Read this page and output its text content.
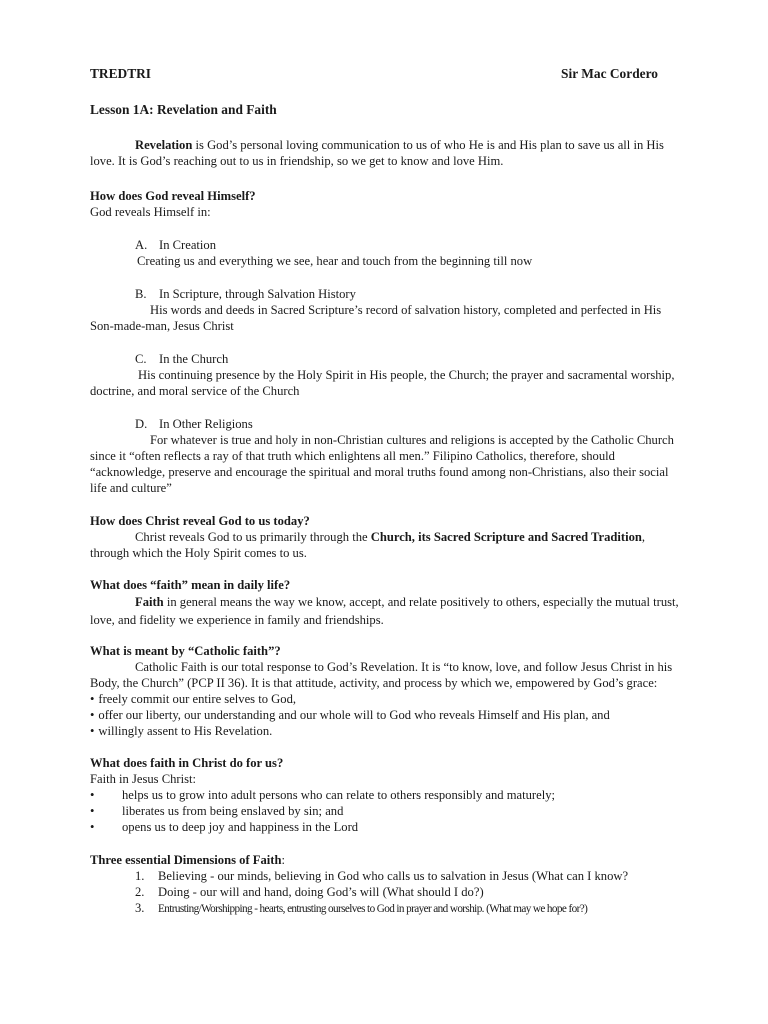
TREDTRI	Sir Mac Cordero
Lesson 1A: Revelation and Faith

Revelation is God’s personal loving communication to us of who He is and His plan to save us all in His love. It is God’s reaching out to us in friendship, so we get to know and love Him.

How does God reveal Himself?
God reveals Himself in:
A. In Creation
Creating us and everything we see, hear and touch from the beginning till now
B. In Scripture, through Salvation History
His words and deeds in Sacred Scripture’s record of salvation history, completed and perfected in His Son-made-man, Jesus Christ
C. In the Church
His continuing presence by the Holy Spirit in His people, the Church; the prayer and sacramental worship, doctrine, and moral service of the Church
D. In Other Religions
For whatever is true and holy in non-Christian cultures and religions is accepted by the Catholic Church since it “often reflects a ray of that truth which enlightens all men.” Filipino Catholics, therefore, should “acknowledge, preserve and encourage the spiritual and moral truths found among non-Christians, also their social life and culture”
How does Christ reveal God to us today?

Christ reveals God to us primarily through the Church, its Sacred Scripture and Sacred Tradition, through which the Holy Spirit comes to us.

What does “faith” mean in daily life?

Faith in general means the way we know, accept, and relate positively to others, especially the mutual trust, love, and fidelity we experience in family and friendships.

What is meant by “Catholic faith”?

Catholic Faith is our total response to God’s Revelation. It is “to know, love, and follow Jesus Christ in his Body, the Church” (PCP II 36). It is that attitude, activity, and process by which we, empowered by God’s grace:

• freely commit our entire selves to God,
• offer our liberty, our understanding and our whole will to God who reveals Himself and His plan, and
• willingly assent to His Revelation.
What does faith in Christ do for us?
Faith in Jesus Christ:
• helps us to grow into adult persons who can relate to others responsibly and maturely;
• liberates us from being enslaved by sin; and
• opens us to deep joy and happiness in the Lord
Three essential Dimensions of Faith:
1. Believing - our minds, believing in God who calls us to salvation in Jesus (What can I know?
2. Doing - our will and hand, doing God’s will (What should I do?)
3. Entrusting/Worshipping - hearts, entrusting ourselves to God in prayer and worship. (What may we hope for?)
